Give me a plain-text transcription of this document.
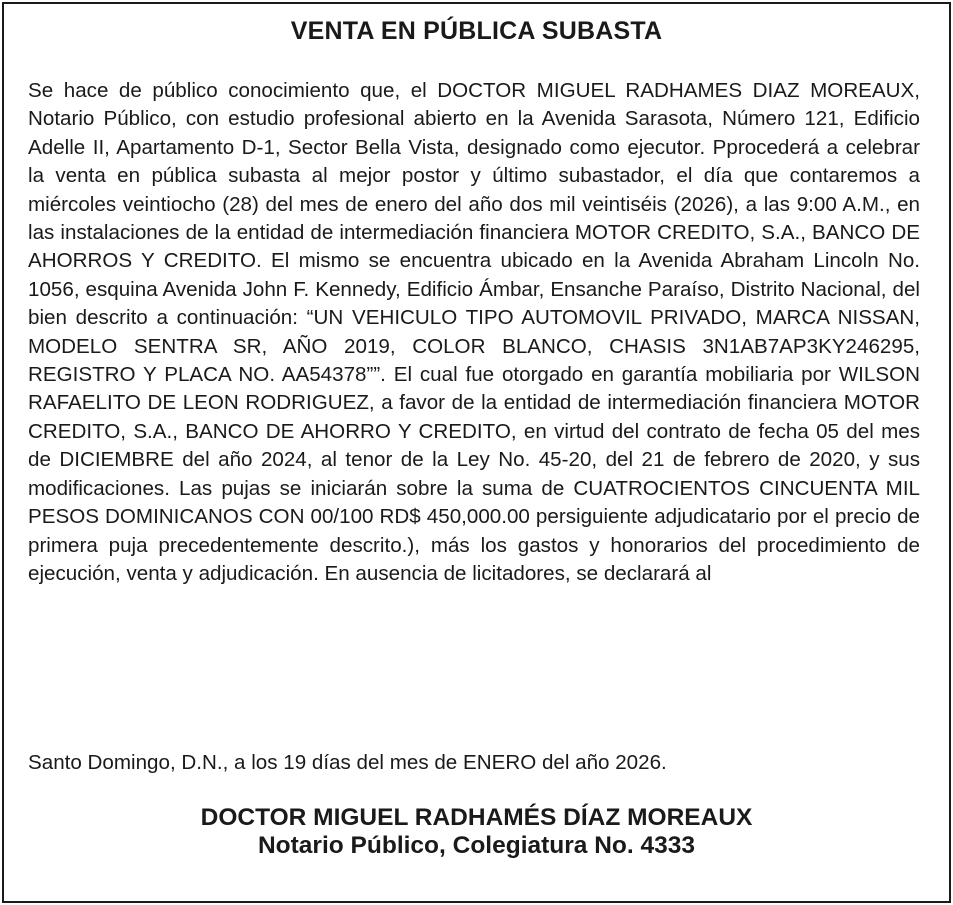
VENTA EN PÚBLICA SUBASTA

Se hace de público conocimiento que, el DOCTOR MIGUEL RADHAMES DIAZ MOREAUX, Notario Público, con estudio profesional abierto en la Avenida Sarasota, Número 121, Edificio Adelle II, Apartamento D-1, Sector Bella Vista, designado como ejecutor. Pprocederá a celebrar la venta en pública subasta al mejor postor y último subastador, el día que contaremos a miércoles veintiocho (28) del mes de enero del año dos mil veintiséis (2026), a las 9:00 A.M., en las instalaciones de la entidad de intermediación financiera MOTOR CREDITO, S.A., BANCO DE AHORROS Y CREDITO. El mismo se encuentra ubicado en la Avenida Abraham Lincoln No. 1056, esquina Avenida John F. Kennedy, Edificio Ámbar, Ensanche Paraíso, Distrito Nacional, del bien descrito a continuación: “UN VEHICULO TIPO AUTOMOVIL PRIVADO, MARCA NISSAN, MODELO SENTRA SR, AÑO 2019, COLOR BLANCO, CHASIS 3N1AB7AP3KY246295, REGISTRO Y PLACA NO. AA54378””. El cual fue otorgado en garantía mobiliaria por WILSON RAFAELITO DE LEON RODRIGUEZ, a favor de la entidad de intermediación financiera MOTOR CREDITO, S.A., BANCO DE AHORRO Y CREDITO, en virtud del contrato de fecha 05 del mes de DICIEMBRE del año 2024, al tenor de la Ley No. 45-20, del 21 de febrero de 2020, y sus modificaciones. Las pujas se iniciarán sobre la suma de CUATROCIENTOS CINCUENTA MIL PESOS DOMINICANOS CON 00/100 RD$ 450,000.00 persiguiente adjudicatario por el precio de primera puja precedentemente descrito.), más los gastos y honorarios del procedimiento de ejecución, venta y adjudicación. En ausencia de licitadores, se declarará al

Santo Domingo, D.N., a los 19 días del mes de ENERO del año 2026.

DOCTOR MIGUEL RADHAMÉS DÍAZ MOREAUX
Notario Público, Colegiatura No. 4333
